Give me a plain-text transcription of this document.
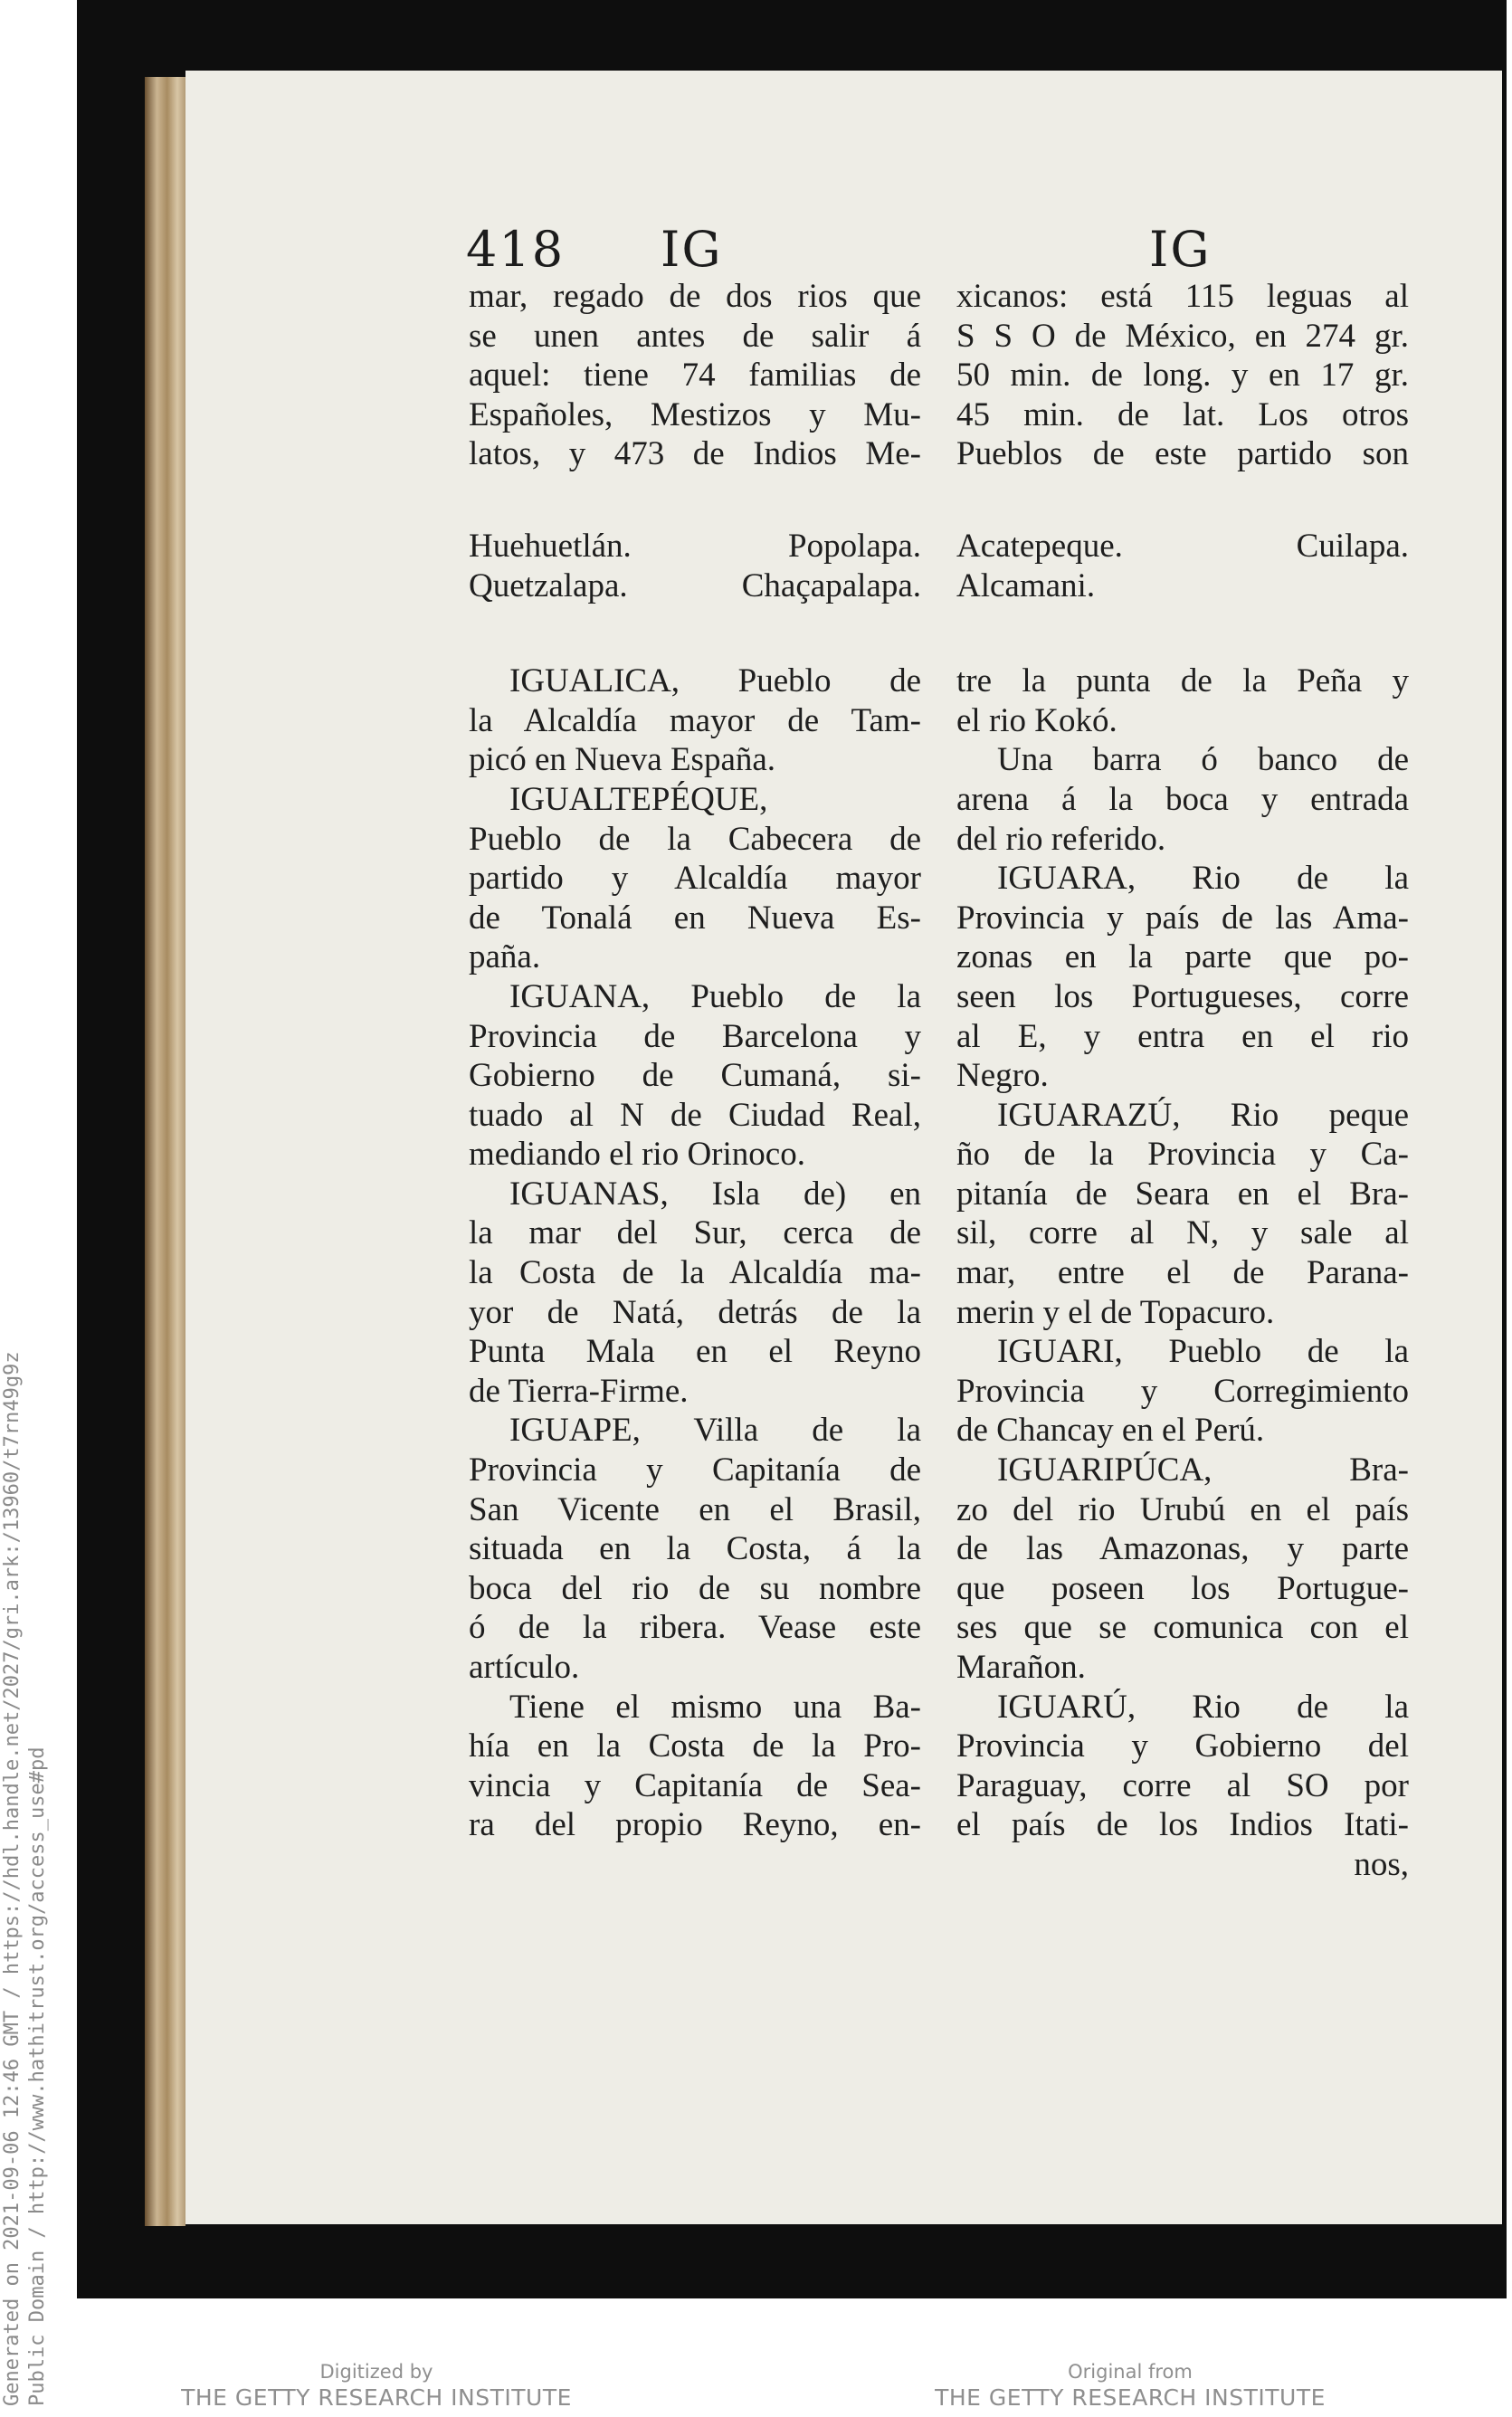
418 IG	IG
mar, regado de dos rios que
se unen antes de salir á
aquel: tiene 74 familias de
Españoles, Mestizos y Mu-
latos, y 473 de Indios Me-
Huehuetlán.	Popolapa.
Quetzalapa.	Chaçapalapa.
IGUALICA, Pueblo de
la Alcaldía mayor de Tam-
picó en Nueva España.
IGUALTEPÉQUE,
Pueblo de la Cabecera de
partido y Alcaldía mayor
de Tonalá en Nueva Es-
paña.
IGUANA, Pueblo de la
Provincia de Barcelona y
Gobierno de Cumaná, si-
tuado al N de Ciudad Real,
mediando el rio Orinoco.
IGUANAS, Isla de) en
la mar del Sur, cerca de
la Costa de la Alcaldía ma-
yor de Natá, detrás de la
Punta Mala en el Reyno
de Tierra-Firme.
IGUAPE, Villa de la
Provincia y Capitanía de
San Vicente en el Brasil,
situada en la Costa, á la
boca del rio de su nombre
ó de la ribera. Vease este
artículo.
Tiene el mismo una Ba-
hía en la Costa de la Pro-
vincia y Capitanía de Sea-
ra del propio Reyno, en-
xicanos: está 115 leguas al
S S O de México, en 274 gr.
50 min. de long. y en 17 gr.
45 min. de lat. Los otros
Pueblos de este partido son
Acatepeque.	Cuilapa.
Alcamani.
tre la punta de la Peña y
el rio Kokó.
Una barra ó banco de
arena á la boca y entrada
del rio referido.
IGUARA, Rio de la
Provincia y país de las Ama-
zonas en la parte que po-
seen los Portugueses, corre
al E, y entra en el rio
Negro.
IGUARAZÚ, Rio peque
ño de la Provincia y Ca-
pitanía de Seara en el Bra-
sil, corre al N, y sale al
mar, entre el de Parana-
merin y el de Topacuro.
IGUARI, Pueblo de la
Provincia y Corregimiento
de Chancay en el Perú.
IGUARIPÚCA, Bra-
zo del rio Urubú en el país
de las Amazonas, y parte
que poseen los Portugue-
ses que se comunica con el
Marañon.
IGUARÚ, Rio de la
Provincia y Gobierno del
Paraguay, corre al SO por
el país de los Indios Itati-
nos,
Generated on 2021-09-06 12:46 GMT / https://hdl.handle.net/2027/gri.ark:/13960/t7rn49g9z Public Domain / http://www.hathitrust.org/access_use#pd	Digitized by
THE GETTY RESEARCH INSTITUTE
Original from
THE GETTY RESEARCH INSTITUTE
